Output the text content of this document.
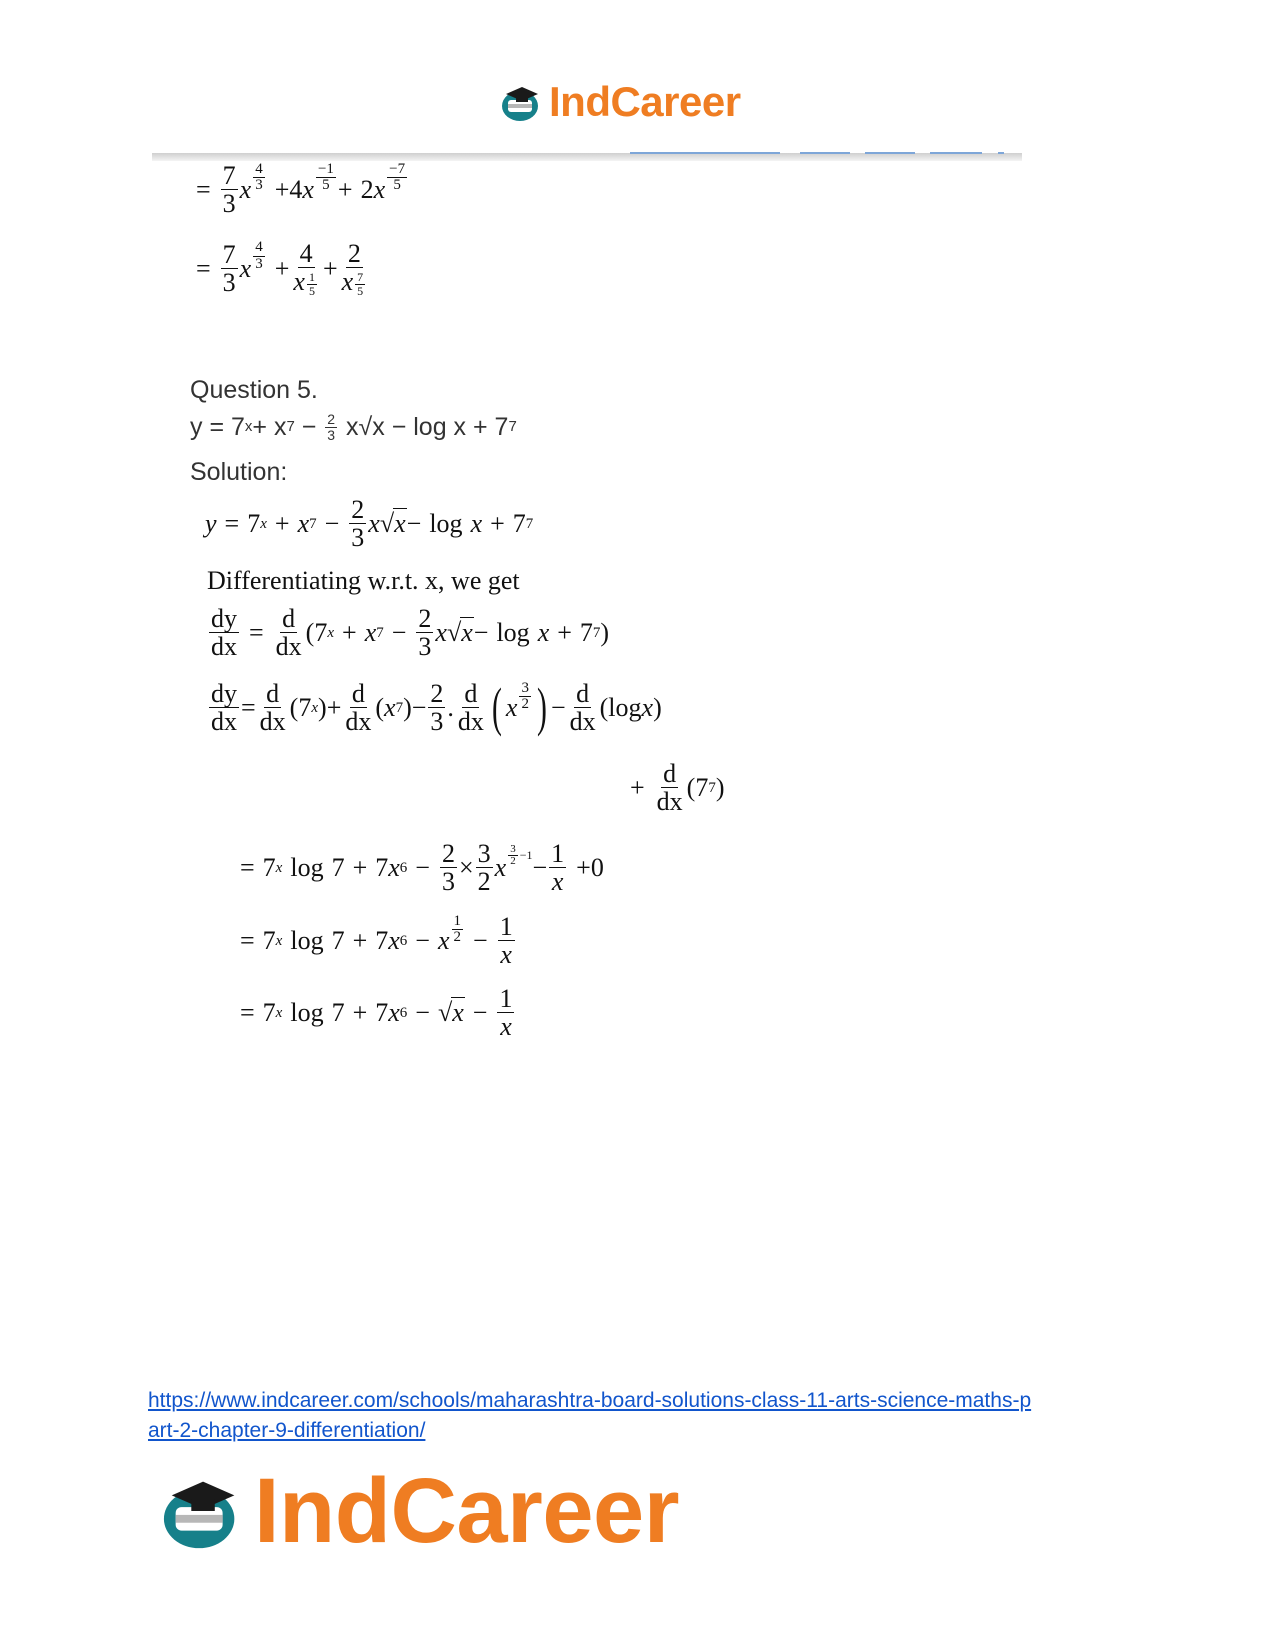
IndCareer
= $\frac{7}{3}$ x $\frac{4}{3} + 4$ x $\frac{-1}{5} + 2$ x $\frac{-7}{5}$
= $\frac{7}{3}$ x $\frac{4}{3} + \frac{4}{x \frac{1}{5}} + \frac{2}{x \frac{7}{5}}$
Question 5.
y = 7 x + x $7 - \frac{2}{3} x√x - \log x + 7$ 7
Solution:
y = 7 x + x $7 - \frac{2}{3}$ x √ x − log x + 7 7
Differentiating w.r.t. x, we get
$\frac{dy}{dx} = \frac{d}{dx}$ ( 7 x + x $7 - \frac{2}{3}$ x √ x − log x + 7 7 )
$\frac{dy}{dx} = \frac{d}{dx}$ ( 7 x ) + $\frac{d}{dx}$ ( x 7 ) − $\frac{2}{3}$ . $\frac{d}{dx}$ ( x $\frac{3}{2}$ ) − $\frac{d}{dx}$ ( log x )
+ $\frac{d}{dx}$ ( 7 7 )
= 7 x log 7 + 7 x $6 - \frac{2}{3} \times \frac{3}{2}$ x $\frac{3}{2} - 1 - \frac{1}{x} + 0$
= 7 x log 7 + 7 x 6 − x $\frac{1}{2} - \frac{1}{x}$
= 7 x log 7 + 7 x 6 − √ $x - \frac{1}{x}$
https://www.indcareer.com/schools/maharashtra-board-solutions-class-11-arts-science-maths-p
art-2-chapter-9-differentiation/
IndCareer
